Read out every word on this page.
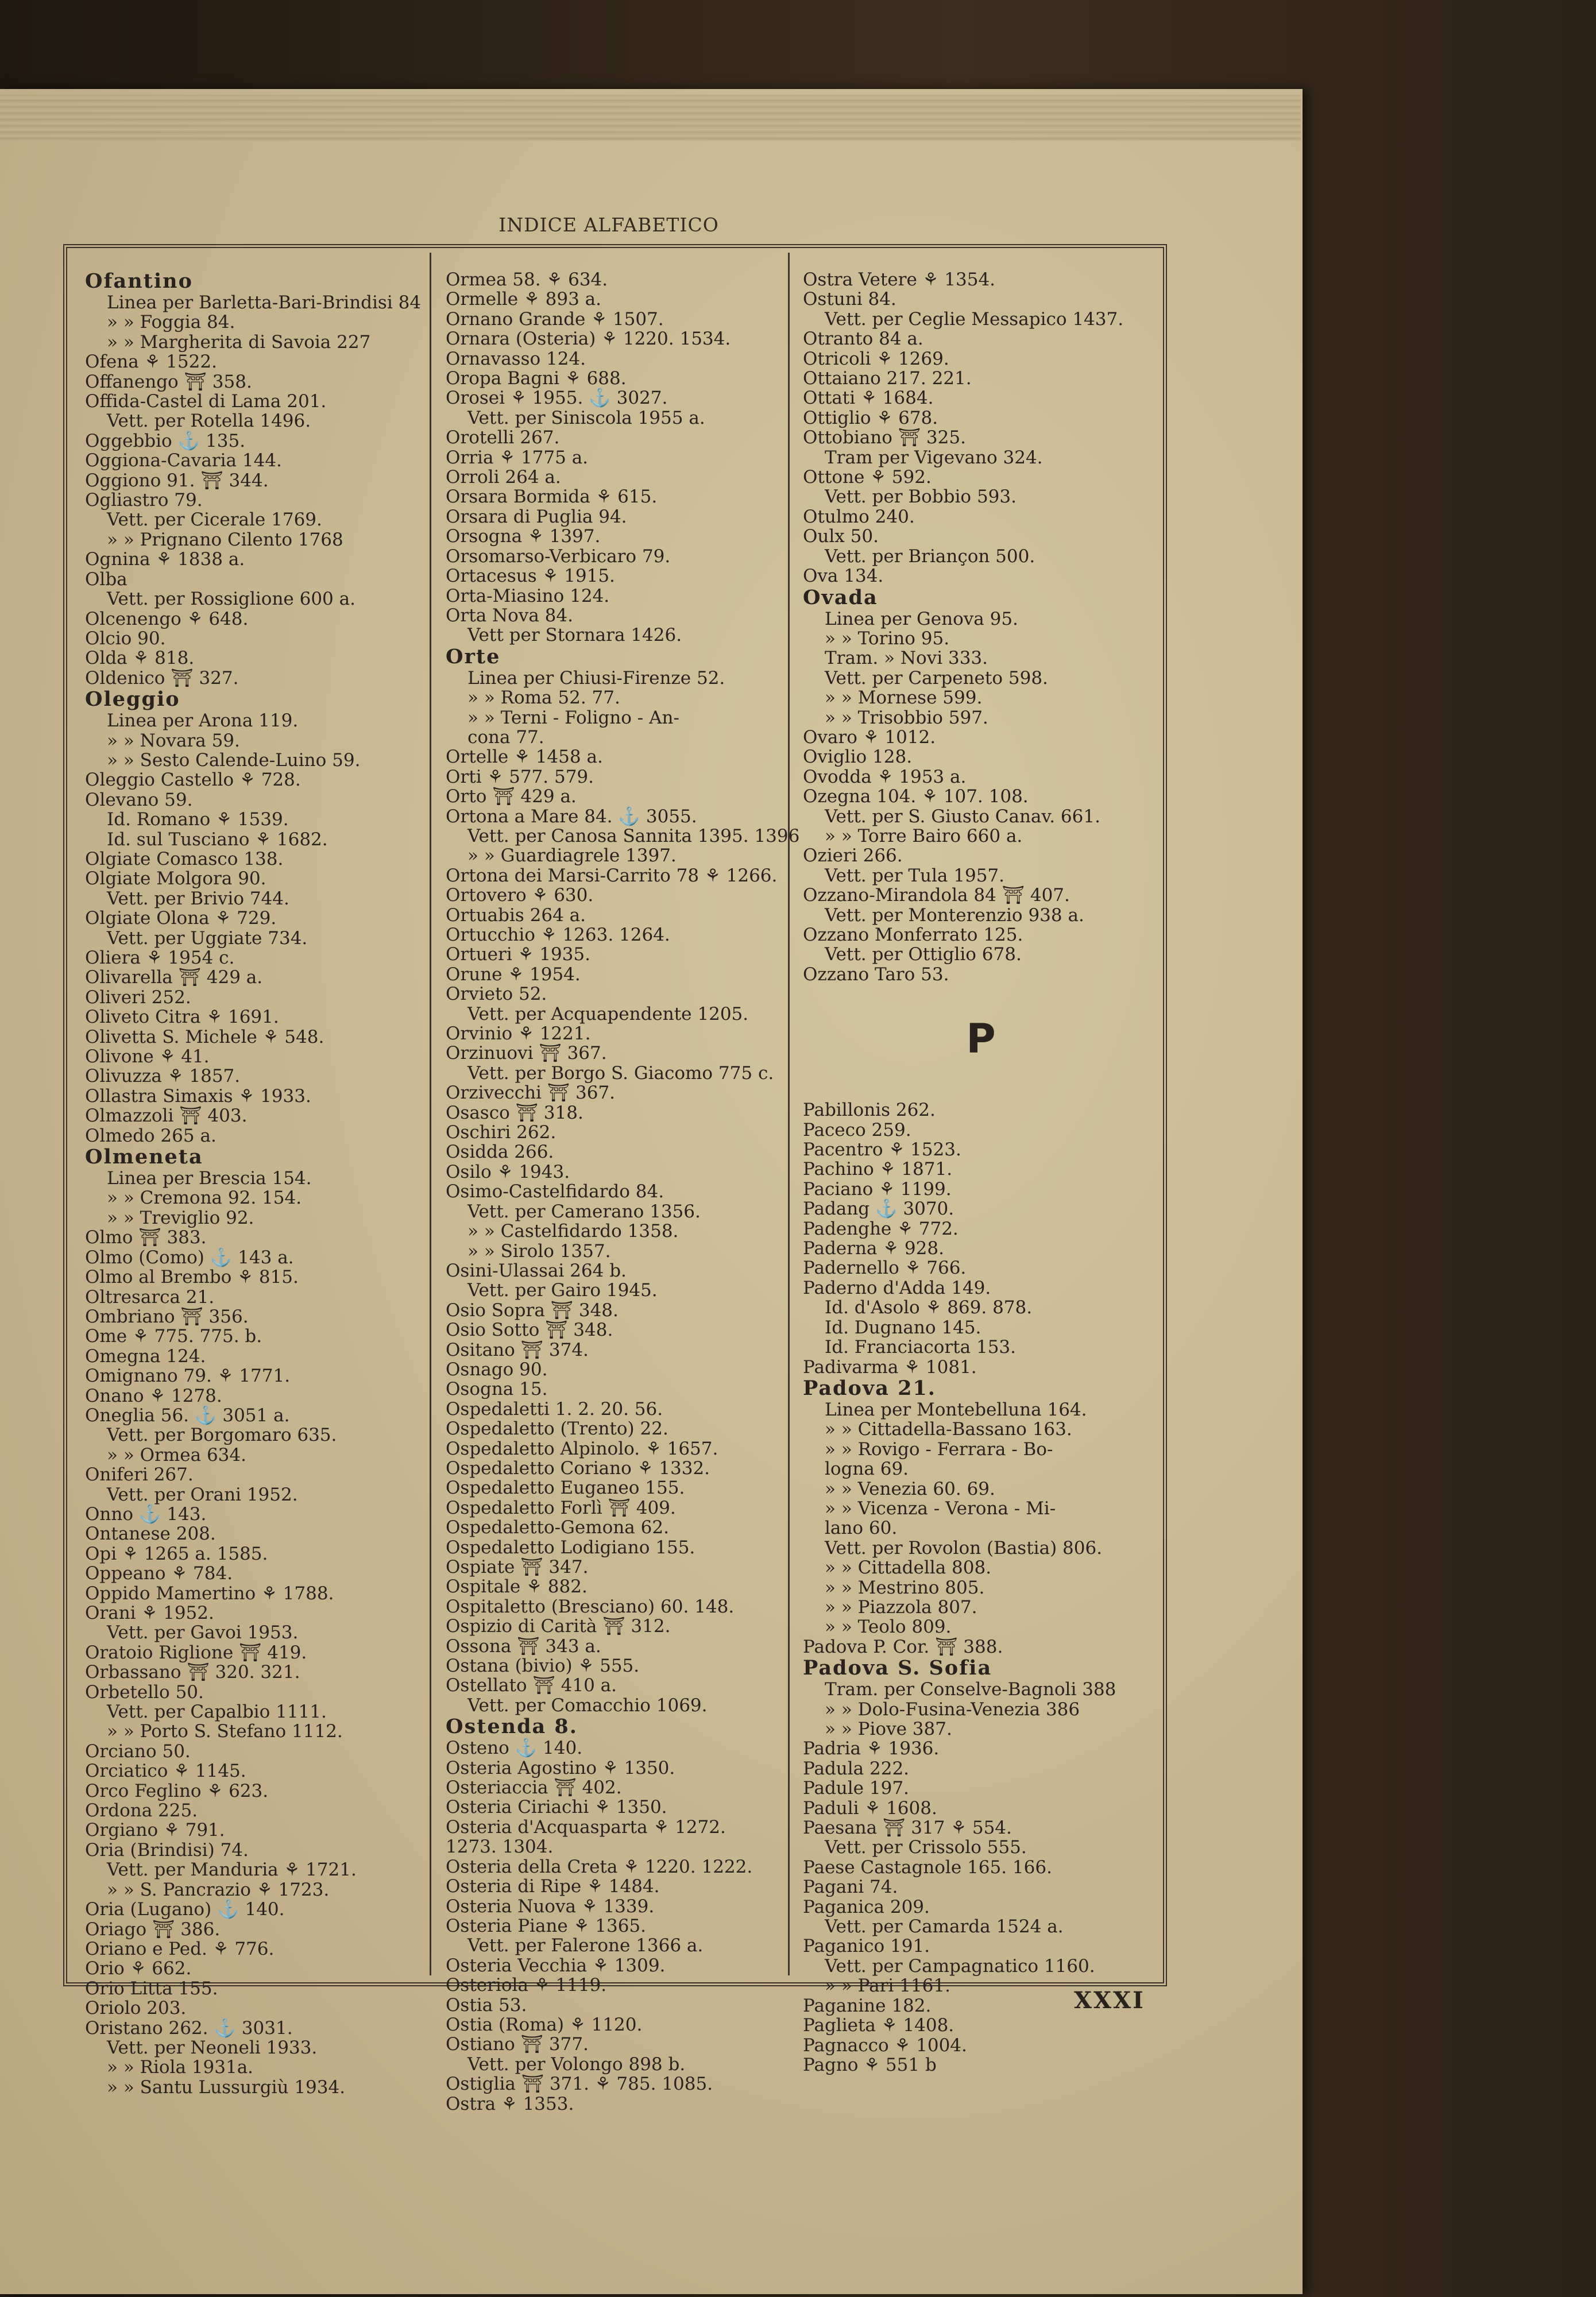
INDICE ALFABETICO
Ofantino
Linea per Barletta-Bari-Brindisi 84
» » Foggia 84.
» » Margherita di Savoia 227
Ofena ⚘ 1522.
Offanengo ⛩ 358.
Offida-Castel di Lama 201.
Vett. per Rotella 1496.
Oggebbio ⚓ 135.
Oggiona-Cavaria 144.
Oggiono 91. ⛩ 344.
Ogliastro 79.
Vett. per Cicerale 1769.
» » Prignano Cilento 1768
Ognina ⚘ 1838 a.
Olba
Vett. per Rossiglione 600 a.
Olcenengo ⚘ 648.
Olcio 90.
Olda ⚘ 818.
Oldenico ⛩ 327.
Oleggio
Linea per Arona 119.
» » Novara 59.
» » Sesto Calende-Luino 59.
Oleggio Castello ⚘ 728.
Olevano 59.
Id. Romano ⚘ 1539.
Id. sul Tusciano ⚘ 1682.
Olgiate Comasco 138.
Olgiate Molgora 90.
Vett. per Brivio 744.
Olgiate Olona ⚘ 729.
Vett. per Uggiate 734.
Oliera ⚘ 1954 c.
Olivarella ⛩ 429 a.
Oliveri 252.
Oliveto Citra ⚘ 1691.
Olivetta S. Michele ⚘ 548.
Olivone ⚘ 41.
Olivuzza ⚘ 1857.
Ollastra Simaxis ⚘ 1933.
Olmazzoli ⛩ 403.
Olmedo 265 a.
Olmeneta
Linea per Brescia 154.
» » Cremona 92. 154.
» » Treviglio 92.
Olmo ⛩ 383.
Olmo (Como) ⚓ 143 a.
Olmo al Brembo ⚘ 815.
Oltresarca 21.
Ombriano ⛩ 356.
Ome ⚘ 775. 775. b.
Omegna 124.
Omignano 79. ⚘ 1771.
Onano ⚘ 1278.
Oneglia 56. ⚓ 3051 a.
Vett. per Borgomaro 635.
» » Ormea 634.
Oniferi 267.
Vett. per Orani 1952.
Onno ⚓ 143.
Ontanese 208.
Opi ⚘ 1265 a. 1585.
Oppeano ⚘ 784.
Oppido Mamertino ⚘ 1788.
Orani ⚘ 1952.
Vett. per Gavoi 1953.
Oratoio Riglione ⛩ 419.
Orbassano ⛩ 320. 321.
Orbetello 50.
Vett. per Capalbio 1111.
» » Porto S. Stefano 1112.
Orciano 50.
Orciatico ⚘ 1145.
Orco Feglino ⚘ 623.
Ordona 225.
Orgiano ⚘ 791.
Oria (Brindisi) 74.
Vett. per Manduria ⚘ 1721.
» » S. Pancrazio ⚘ 1723.
Oria (Lugano) ⚓ 140.
Oriago ⛩ 386.
Oriano e Ped. ⚘ 776.
Orio ⚘ 662.
Orio Litta 155.
Oriolo 203.
Oristano 262. ⚓ 3031.
Vett. per Neoneli 1933.
» » Riola 1931a.
» » Santu Lussurgiù 1934.
Ormea 58. ⚘ 634.
Ormelle ⚘ 893 a.
Ornano Grande ⚘ 1507.
Ornara (Osteria) ⚘ 1220. 1534.
Ornavasso 124.
Oropa Bagni ⚘ 688.
Orosei ⚘ 1955. ⚓ 3027.
Vett. per Siniscola 1955 a.
Orotelli 267.
Orria ⚘ 1775 a.
Orroli 264 a.
Orsara Bormida ⚘ 615.
Orsara di Puglia 94.
Orsogna ⚘ 1397.
Orsomarso-Verbicaro 79.
Ortacesus ⚘ 1915.
Orta-Miasino 124.
Orta Nova 84.
Vett per Stornara 1426.
Orte
Linea per Chiusi-Firenze 52.
» » Roma 52. 77.
» » Terni - Foligno - An-
cona 77.
Ortelle ⚘ 1458 a.
Orti ⚘ 577. 579.
Orto ⛩ 429 a.
Ortona a Mare 84. ⚓ 3055.
Vett. per Canosa Sannita 1395. 1396
» » Guardiagrele 1397.
Ortona dei Marsi-Carrito 78 ⚘ 1266.
Ortovero ⚘ 630.
Ortuabis 264 a.
Ortucchio ⚘ 1263. 1264.
Ortueri ⚘ 1935.
Orune ⚘ 1954.
Orvieto 52.
Vett. per Acquapendente 1205.
Orvinio ⚘ 1221.
Orzinuovi ⛩ 367.
Vett. per Borgo S. Giacomo 775 c.
Orzivecchi ⛩ 367.
Osasco ⛩ 318.
Oschiri 262.
Osidda 266.
Osilo ⚘ 1943.
Osimo-Castelfidardo 84.
Vett. per Camerano 1356.
» » Castelfidardo 1358.
» » Sirolo 1357.
Osini-Ulassai 264 b.
Vett. per Gairo 1945.
Osio Sopra ⛩ 348.
Osio Sotto ⛩ 348.
Ositano ⛩ 374.
Osnago 90.
Osogna 15.
Ospedaletti 1. 2. 20. 56.
Ospedaletto (Trento) 22.
Ospedaletto Alpinolo. ⚘ 1657.
Ospedaletto Coriano ⚘ 1332.
Ospedaletto Euganeo 155.
Ospedaletto Forlì ⛩ 409.
Ospedaletto-Gemona 62.
Ospedaletto Lodigiano 155.
Ospiate ⛩ 347.
Ospitale ⚘ 882.
Ospitaletto (Bresciano) 60. 148.
Ospizio di Carità ⛩ 312.
Ossona ⛩ 343 a.
Ostana (bivio) ⚘ 555.
Ostellato ⛩ 410 a.
Vett. per Comacchio 1069.
Ostenda 8.
Osteno ⚓ 140.
Osteria Agostino ⚘ 1350.
Osteriaccia ⛩ 402.
Osteria Ciriachi ⚘ 1350.
Osteria d'Acquasparta ⚘ 1272.
1273. 1304.
Osteria della Creta ⚘ 1220. 1222.
Osteria di Ripe ⚘ 1484.
Osteria Nuova ⚘ 1339.
Osteria Piane ⚘ 1365.
Vett. per Falerone 1366 a.
Osteria Vecchia ⚘ 1309.
Osteriola ⚘ 1119.
Ostia 53.
Ostia (Roma) ⚘ 1120.
Ostiano ⛩ 377.
Vett. per Volongo 898 b.
Ostiglia ⛩ 371. ⚘ 785. 1085.
Ostra ⚘ 1353.
Ostra Vetere ⚘ 1354.
Ostuni 84.
Vett. per Ceglie Messapico 1437.
Otranto 84 a.
Otricoli ⚘ 1269.
Ottaiano 217. 221.
Ottati ⚘ 1684.
Ottiglio ⚘ 678.
Ottobiano ⛩ 325.
Tram per Vigevano 324.
Ottone ⚘ 592.
Vett. per Bobbio 593.
Otulmo 240.
Oulx 50.
Vett. per Briançon 500.
Ova 134.
Ovada
Linea per Genova 95.
» » Torino 95.
Tram. » Novi 333.
Vett. per Carpeneto 598.
» » Mornese 599.
» » Trisobbio 597.
Ovaro ⚘ 1012.
Oviglio 128.
Ovodda ⚘ 1953 a.
Ozegna 104. ⚘ 107. 108.
Vett. per S. Giusto Canav. 661.
» » Torre Bairo 660 a.
Ozieri 266.
Vett. per Tula 1957.
Ozzano-Mirandola 84 ⛩ 407.
Vett. per Monterenzio 938 a.
Ozzano Monferrato 125.
Vett. per Ottiglio 678.
Ozzano Taro 53.
P
Pabillonis 262.
Paceco 259.
Pacentro ⚘ 1523.
Pachino ⚘ 1871.
Paciano ⚘ 1199.
Padang ⚓ 3070.
Padenghe ⚘ 772.
Paderna ⚘ 928.
Padernello ⚘ 766.
Paderno d'Adda 149.
Id. d'Asolo ⚘ 869. 878.
Id. Dugnano 145.
Id. Franciacorta 153.
Padivarma ⚘ 1081.
Padova 21.
Linea per Montebelluna 164.
» » Cittadella-Bassano 163.
» » Rovigo - Ferrara - Bo-
logna 69.
» » Venezia 60. 69.
» » Vicenza - Verona - Mi-
lano 60.
Vett. per Rovolon (Bastia) 806.
» » Cittadella 808.
» » Mestrino 805.
» » Piazzola 807.
» » Teolo 809.
Padova P. Cor. ⛩ 388.
Padova S. Sofia
Tram. per Conselve-Bagnoli 388
» » Dolo-Fusina-Venezia 386
» » Piove 387.
Padria ⚘ 1936.
Padula 222.
Padule 197.
Paduli ⚘ 1608.
Paesana ⛩ 317 ⚘ 554.
Vett. per Crissolo 555.
Paese Castagnole 165. 166.
Pagani 74.
Paganica 209.
Vett. per Camarda 1524 a.
Paganico 191.
Vett. per Campagnatico 1160.
» » Pari 1161.
Paganine 182.
Paglieta ⚘ 1408.
Pagnacco ⚘ 1004.
Pagno ⚘ 551 b
XXXI
